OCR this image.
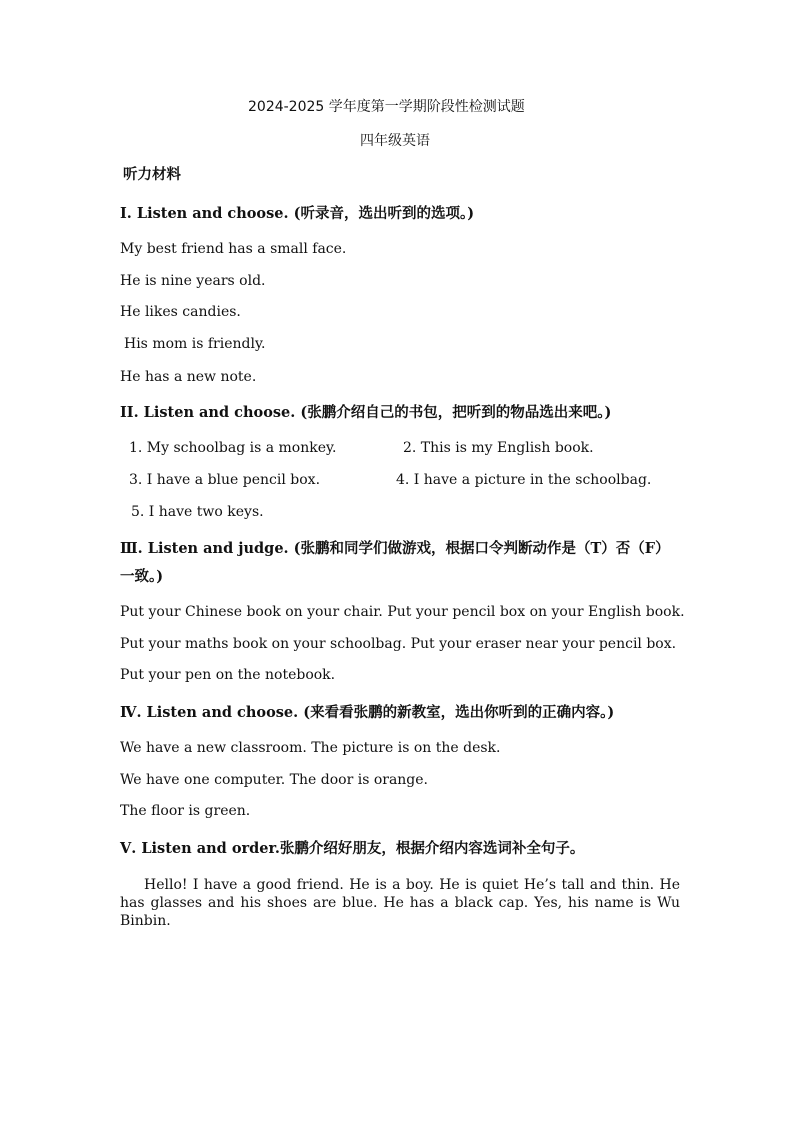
2024-2025 学年度第一学期阶段性检测试题
四年级英语
听力材料
I. Listen and choose. (听录音，选出听到的选项。)
My best friend has a small face.
He is nine years old.
He likes candies.
His mom is friendly.
He has a new note.
II. Listen and choose. (张鹏介绍自己的书包，把听到的物品选出来吧。)
1. My schoolbag is a monkey.	2. This is my English book.
3. I have a blue pencil box.	4. I have a picture in the schoolbag.
5. I have two keys.
Ⅲ. Listen and judge. (张鹏和同学们做游戏，根据口令判断动作是（T）否（F）
一致。)
Put your Chinese book on your chair. Put your pencil box on your English book.
Put your maths book on your schoolbag. Put your eraser near your pencil box.
Put your pen on the notebook.
Ⅳ. Listen and choose. (来看看张鹏的新教室，选出你听到的正确内容。)
We have a new classroom. The picture is on the desk.
We have one computer. The door is orange.
The floor is green.
Ⅴ. Listen and order.张鹏介绍好朋友，根据介绍内容选词补全句子。
Hello! I have a good friend. He is a boy. He is quiet He’s tall and thin. He has glasses and his shoes are blue. He has a black cap. Yes, his name is Wu Binbin.
